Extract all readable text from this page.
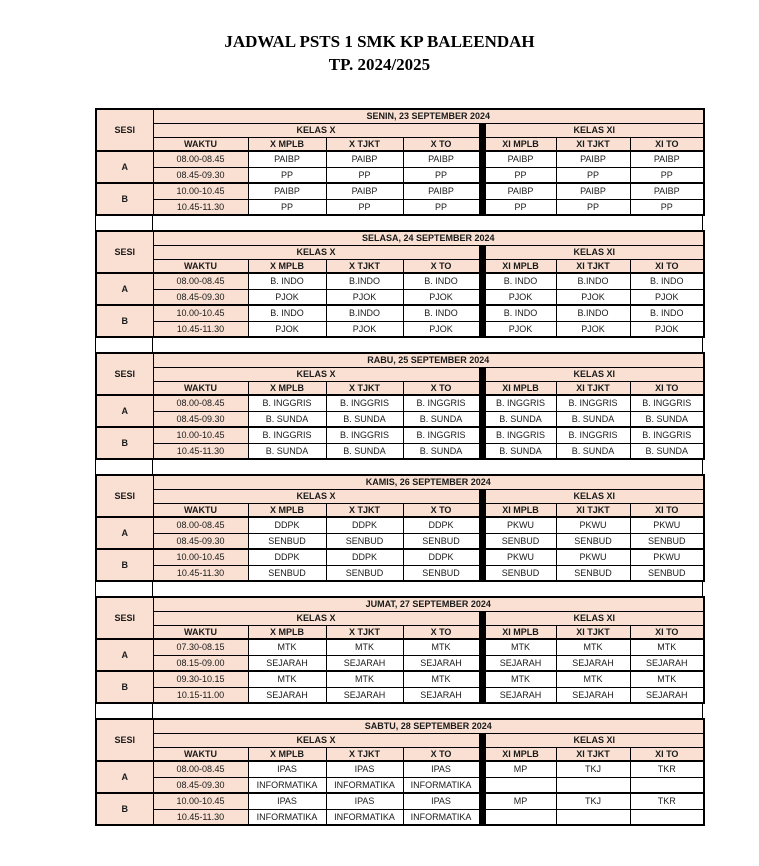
JADWAL PSTS 1 SMK KP BALEENDAH
TP. 2024/2025
SESI	SENIN, 23 SEPTEMBER 2024							
	KELAS X					KELAS XI		
	WAKTU	X MPLB	X TJKT	X TO		XI MPLB	XI TJKT	XI TO
A	08.00-08.45	PAIBP	PAIBP	PAIBP		PAIBP	PAIBP	PAIBP
	08.45-09.30	PP	PP	PP		PP	PP	PP
B	10.00-10.45	PAIBP	PAIBP	PAIBP		PAIBP	PAIBP	PAIBP
	10.45-11.30	PP	PP	PP		PP	PP	PP
SESI	SELASA, 24 SEPTEMBER 2024							
	KELAS X					KELAS XI		
	WAKTU	X MPLB	X TJKT	X TO		XI MPLB	XI TJKT	XI TO
A	08.00-08.45	B. INDO	B.INDO	B. INDO		B. INDO	B.INDO	B. INDO
	08.45-09.30	PJOK	PJOK	PJOK		PJOK	PJOK	PJOK
B	10.00-10.45	B. INDO	B.INDO	B. INDO		B. INDO	B.INDO	B. INDO
	10.45-11.30	PJOK	PJOK	PJOK		PJOK	PJOK	PJOK
SESI	RABU, 25 SEPTEMBER 2024							
	KELAS X					KELAS XI		
	WAKTU	X MPLB	X TJKT	X TO		XI MPLB	XI TJKT	XI TO
A	08.00-08.45	B. INGGRIS	B. INGGRIS	B. INGGRIS		B. INGGRIS	B. INGGRIS	B. INGGRIS
	08.45-09.30	B. SUNDA	B. SUNDA	B. SUNDA		B. SUNDA	B. SUNDA	B. SUNDA
B	10.00-10.45	B. INGGRIS	B. INGGRIS	B. INGGRIS		B. INGGRIS	B. INGGRIS	B. INGGRIS
	10.45-11.30	B. SUNDA	B. SUNDA	B. SUNDA		B. SUNDA	B. SUNDA	B. SUNDA
SESI	KAMIS, 26 SEPTEMBER 2024							
	KELAS X					KELAS XI		
	WAKTU	X MPLB	X TJKT	X TO		XI MPLB	XI TJKT	XI TO
A	08.00-08.45	DDPK	DDPK	DDPK		PKWU	PKWU	PKWU
	08.45-09.30	SENBUD	SENBUD	SENBUD		SENBUD	SENBUD	SENBUD
B	10.00-10.45	DDPK	DDPK	DDPK		PKWU	PKWU	PKWU
	10.45-11.30	SENBUD	SENBUD	SENBUD		SENBUD	SENBUD	SENBUD
SESI	JUMAT, 27 SEPTEMBER 2024							
	KELAS X					KELAS XI		
	WAKTU	X MPLB	X TJKT	X TO		XI MPLB	XI TJKT	XI TO
A	07.30-08.15	MTK	MTK	MTK		MTK	MTK	MTK
	08.15-09.00	SEJARAH	SEJARAH	SEJARAH		SEJARAH	SEJARAH	SEJARAH
B	09.30-10.15	MTK	MTK	MTK		MTK	MTK	MTK
	10.15-11.00	SEJARAH	SEJARAH	SEJARAH		SEJARAH	SEJARAH	SEJARAH
SESI	SABTU, 28 SEPTEMBER 2024							
	KELAS X					KELAS XI		
	WAKTU	X MPLB	X TJKT	X TO		XI MPLB	XI TJKT	XI TO
A	08.00-08.45	IPAS	IPAS	IPAS		MP	TKJ	TKR
	08.45-09.30	INFORMATIKA	INFORMATIKA	INFORMATIKA				
B	10.00-10.45	IPAS	IPAS	IPAS		MP	TKJ	TKR
	10.45-11.30	INFORMATIKA	INFORMATIKA	INFORMATIKA				
